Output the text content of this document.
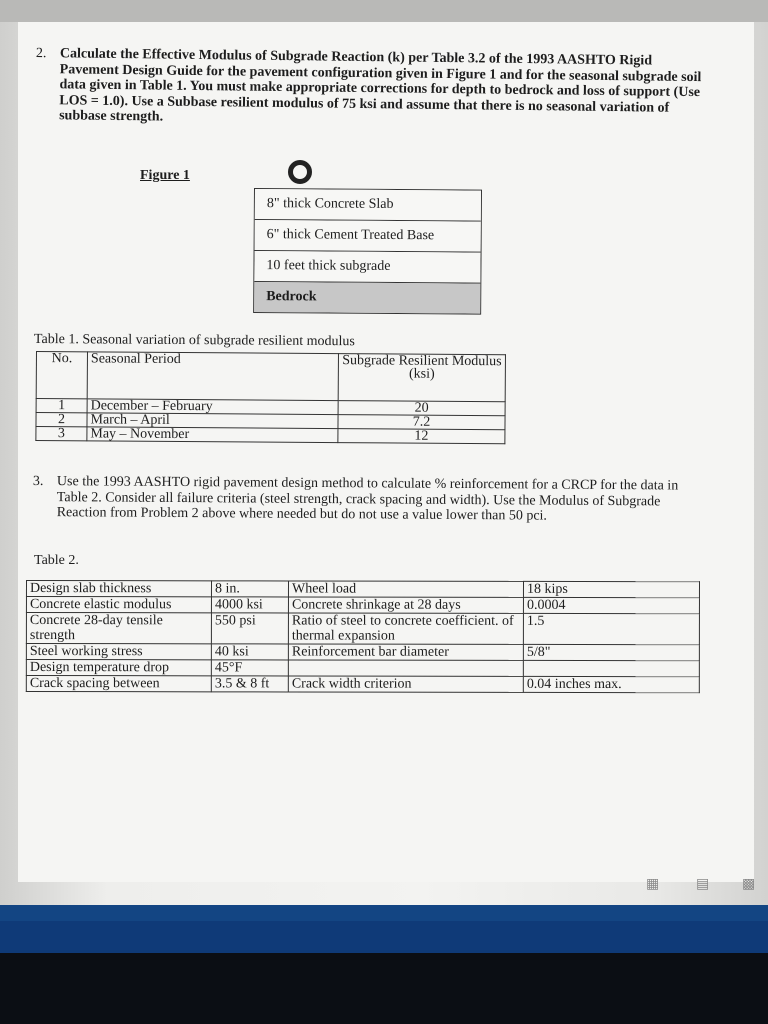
2. Calculate the Effective Modulus of Subgrade Reaction (k) per Table 3.2 of the 1993 AASHTO Rigid Pavement Design Guide for the pavement configuration given in Figure 1 and for the seasonal subgrade soil data given in Table 1. You must make appropriate corrections for depth to bedrock and loss of support (Use LOS = 1.0). Use a Subbase resilient modulus of 75 ksi and assume that there is no seasonal variation of subbase strength.
Figure 1
8" thick Concrete Slab
6" thick Cement Treated Base
10 feet thick subgrade
Bedrock
Table 1. Seasonal variation of subgrade resilient modulus
No.	Seasonal Period	Subgrade Resilient Modulus (ksi)
1	December – February	20
2	March – April	7.2
3	May – November	12
3. Use the 1993 AASHTO rigid pavement design method to calculate % reinforcement for a CRCP for the data in Table 2. Consider all failure criteria (steel strength, crack spacing and width). Use the Modulus of Subgrade Reaction from Problem 2 above where needed but do not use a value lower than 50 pci.
Table 2.
Design slab thickness	8 in.	Wheel load	18 kips
Concrete elastic modulus	4000 ksi	Concrete shrinkage at 28 days	0.0004
Concrete 28-day tensile strength	550 psi	Ratio of steel to concrete coefficient. of thermal expansion	1.5
Steel working stress	40 ksi	Reinforcement bar diameter	5/8"
Design temperature drop	45°F		
Crack spacing between	3.5 & 8 ft	Crack width criterion	0.04 inches max.
▦	▤ ▩
